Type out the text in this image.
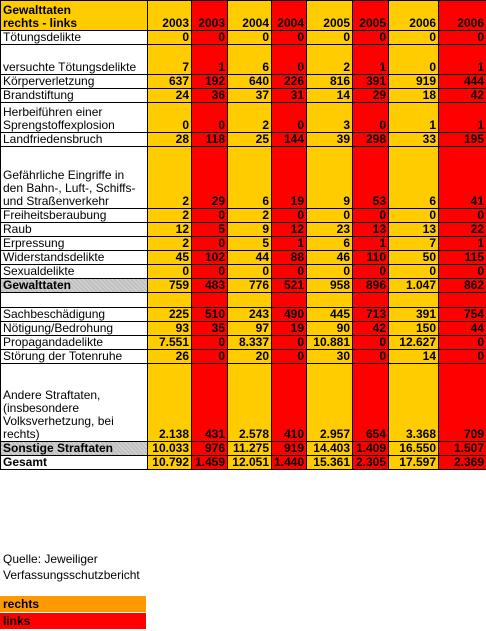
Gewalttaten
rechts - links	2003	2003	2004	2004	2005	2005	2006	2006
Tötungsdelikte	0	0	0	0	0	0	0	0
versuchte Tötungsdelikte	7	1	6	0	2	1	0	1
Körperverletzung	637	192	640	226	816	391	919	444
Brandstiftung	24	36	37	31	14	29	18	42
Herbeiführen einer Sprengstoffexplosion	0	0	2	0	3	0	1	1
Landfriedensbruch	28	118	25	144	39	298	33	195
Gefährliche Eingriffe in den Bahn-, Luft-, Schiffs- und Straßenverkehr	2	29	6	19	9	53	6	41
Freiheitsberaubung	2	0	2	0	0	0	0	0
Raub	12	5	9	12	23	13	13	22
Erpressung	2	0	5	1	6	1	7	1
Widerstandsdelikte	45	102	44	88	46	110	50	115
Sexualdelikte	0	0	0	0	0	0	0	0
Gewalttaten	759	483	776	521	958	896	1.047	862

Sachbeschädigung	225	510	243	490	445	713	391	754
Nötigung/Bedrohung	93	35	97	19	90	42	150	44
Propagandadelikte	7.551	0	8.337	0	10.881	0	12.627	0
Störung der Totenruhe	26	0	20	0	30	0	14	0
Andere Straftaten, (insbesondere Volksverhetzung, bei rechts)	2.138	431	2.578	410	2.957	654	3.368	709
Sonstige Straftaten	10.033	976	11.275	919	14.403	1.409	16.550	1.507
Gesamt	10.792	1.459	12.051	1.440	15.361	2.305	17.597	2.369
Quelle: Jeweiliger Verfassungsschutzbericht
rechts
links
